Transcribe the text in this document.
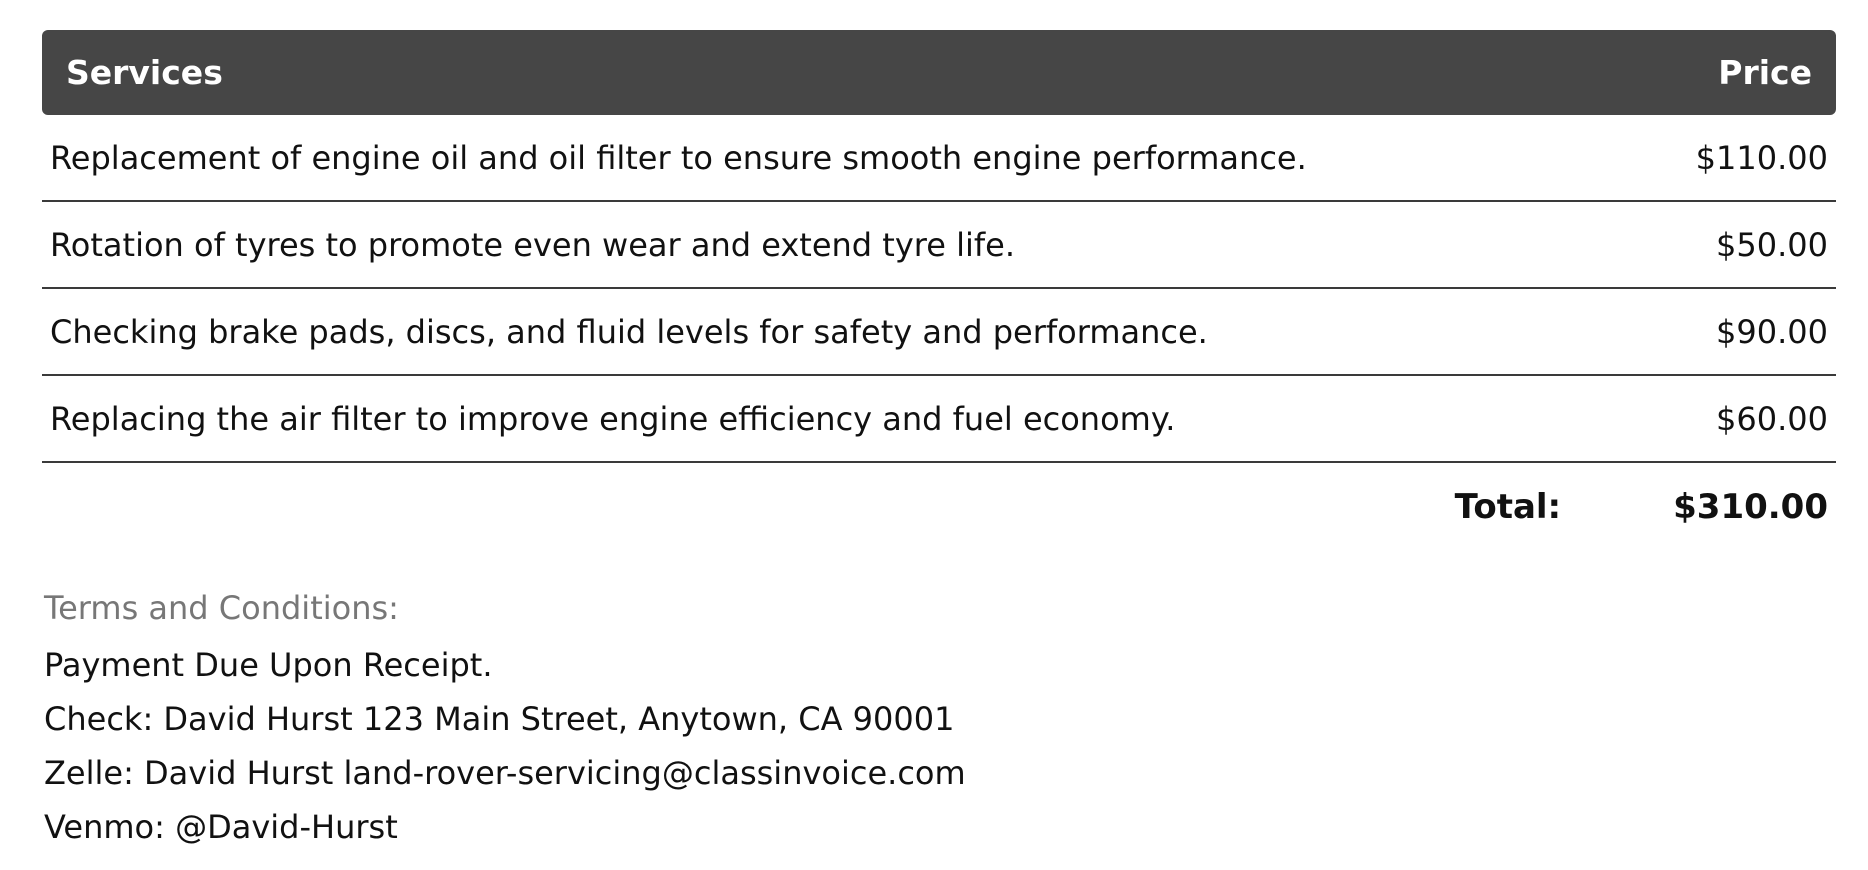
Services	Price
Replacement of engine oil and oil filter to ensure smooth engine performance.	$110.00
Rotation of tyres to promote even wear and extend tyre life.	$50.00
Checking brake pads, discs, and fluid levels for safety and performance.	$90.00
Replacing the air filter to improve engine efficiency and fuel economy.	$60.00
Total:	$310.00
Terms and Conditions:
Payment Due Upon Receipt.
Check: David Hurst 123 Main Street, Anytown, CA 90001
Zelle: David Hurst land-rover-servicing@classinvoice.com
Venmo: @David-Hurst
